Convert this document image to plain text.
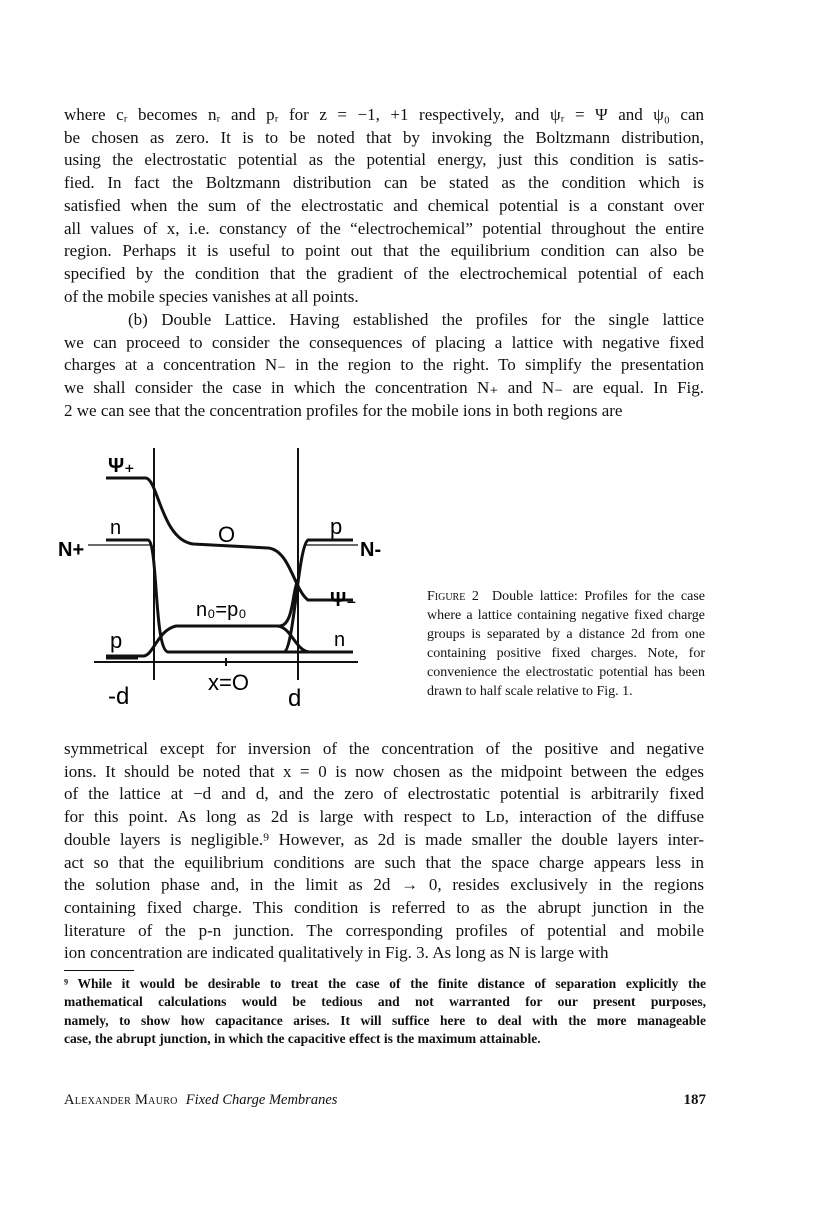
where cᵣ becomes nᵣ and pᵣ for z = −1, +1 respectively, and ψᵣ = Ψ and ψ₀ can
be chosen as zero. It is to be noted that by invoking the Boltzmann distribution,
using the electrostatic potential as the potential energy, just this condition is satis-
fied. In fact the Boltzmann distribution can be stated as the condition which is
satisfied when the sum of the electrostatic and chemical potential is a constant over
all values of x, i.e. constancy of the “electrochemical” potential throughout the entire
region. Perhaps it is useful to point out that the equilibrium condition can also be
specified by the condition that the gradient of the electrochemical potential of each
of the mobile species vanishes at all points.
(b) Double Lattice. Having established the profiles for the single lattice
we can proceed to consider the consequences of placing a lattice with negative fixed
charges at a concentration N₋ in the region to the right. To simplify the presentation
we shall consider the case in which the concentration N₊ and N₋ are equal. In Fig.
2 we can see that the concentration profiles for the mobile ions in both regions are
Ψ₊
n
N+
O	p
N-
Ψ₋
n₀=p₀
p	n
-d
x=O
d

Figure 2 Double lattice: Profiles for the case where a lattice containing negative fixed charge groups is separated by a distance 2d from one containing positive fixed charges. Note, for convenience the electrostatic potential has been drawn to half scale relative to Fig. 1.

symmetrical except for inversion of the concentration of the positive and negative
ions. It should be noted that x = 0 is now chosen as the midpoint between the edges
of the lattice at −d and d, and the zero of electrostatic potential is arbitrarily fixed
for this point. As long as 2d is large with respect to Lᴅ, interaction of the diffuse
double layers is negligible.⁹ However, as 2d is made smaller the double layers inter-
act so that the equilibrium conditions are such that the space charge appears less in
the solution phase and, in the limit as 2d → 0, resides exclusively in the regions
containing fixed charge. This condition is referred to as the abrupt junction in the
literature of the p-n junction. The corresponding profiles of potential and mobile
ion concentration are indicated qualitatively in Fig. 3. As long as N is large with
⁹ While it would be desirable to treat the case of the finite distance of separation explicitly the
mathematical calculations would be tedious and not warranted for our present purposes,
namely, to show how capacitance arises. It will suffice here to deal with the more manageable
case, the abrupt junction, in which the capacitive effect is the maximum attainable.
Alexander Mauro Fixed Charge Membranes	187
